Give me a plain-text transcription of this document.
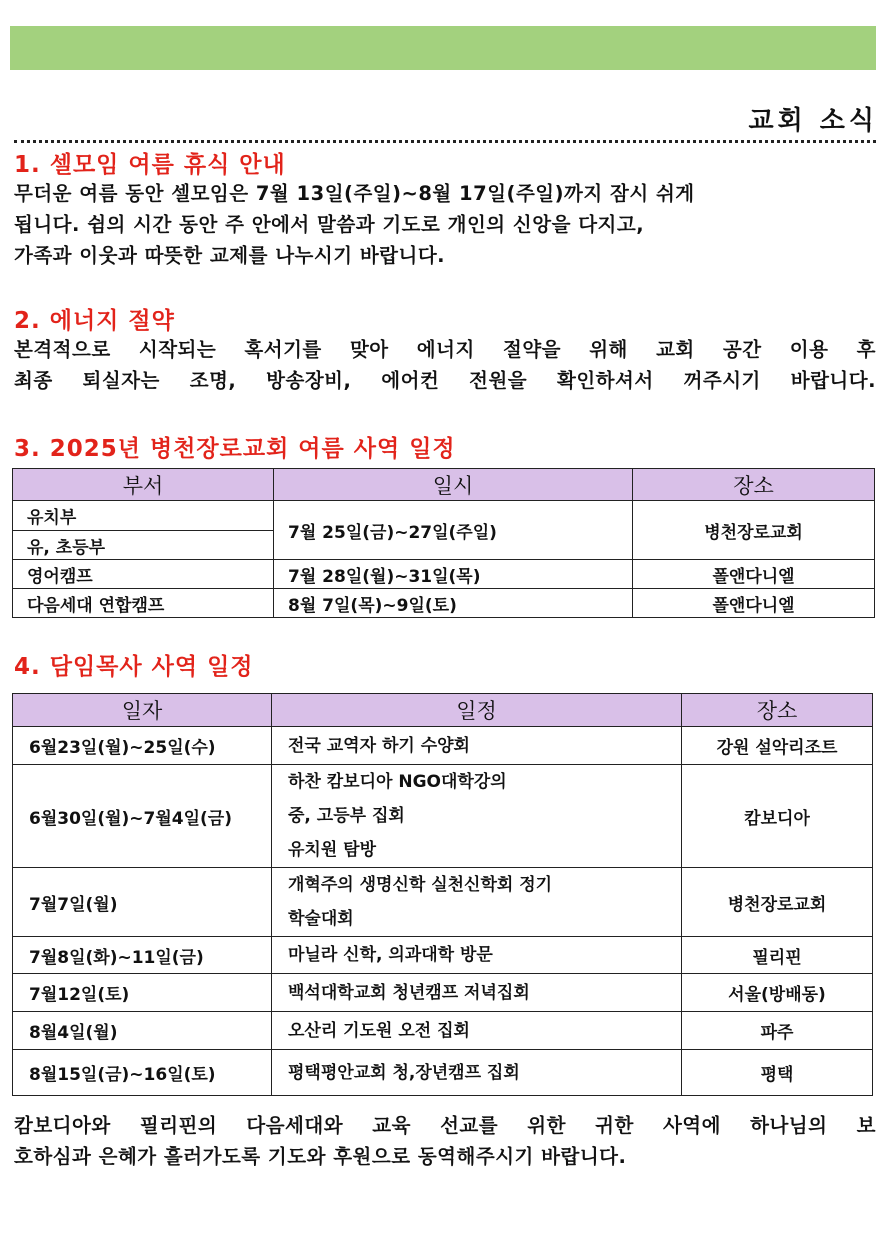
교회 소식
1. 셀모임 여름 휴식 안내
무더운 여름 동안 셀모임은 7월 13일(주일)~8월 17일(주일)까지 잠시 쉬게
됩니다. 쉼의 시간 동안 주 안에서 말씀과 기도로 개인의 신앙을 다지고,
가족과 이웃과 따뜻한 교제를 나누시기 바랍니다.
2. 에너지 절약
본격적으로 시작되는 혹서기를 맞아 에너지 절약을 위해 교회 공간 이용 후
최종 퇴실자는 조명, 방송장비, 에어컨 전원을 확인하셔서 꺼주시기 바랍니다.
3. 2025년 병천장로교회 여름 사역 일정
부서	일시	장소
유치부	7월 25일(금)~27일(주일)	병천장로교회
유, 초등부		
영어캠프	7월 28일(월)~31일(목)	폴앤다니엘
다음세대 연합캠프	8월 7일(목)~9일(토)	폴앤다니엘
4. 담임목사 사역 일정
일자	일정	장소
6월23일(월)~25일(수)	전국 교역자 하기 수양회	강원 설악리조트
6월30일(월)~7월4일(금)	하찬 캄보디아 NGO대학강의
중, 고등부 집회
유치원 탐방	캄보디아
7월7일(월)	개혁주의 생명신학 실천신학회 정기
학술대회	병천장로교회
7월8일(화)~11일(금)	마닐라 신학, 의과대학 방문	필리핀
7월12일(토)	백석대학교회 청년캠프 저녁집회	서울(방배동)
8월4일(월)	오산리 기도원 오전 집회	파주
8월15일(금)~16일(토)	평택평안교회 청,장년캠프 집회	평택
캄보디아와 필리핀의 다음세대와 교육 선교를 위한 귀한 사역에 하나님의 보
호하심과 은혜가 흘러가도록 기도와 후원으로 동역해주시기 바랍니다.
